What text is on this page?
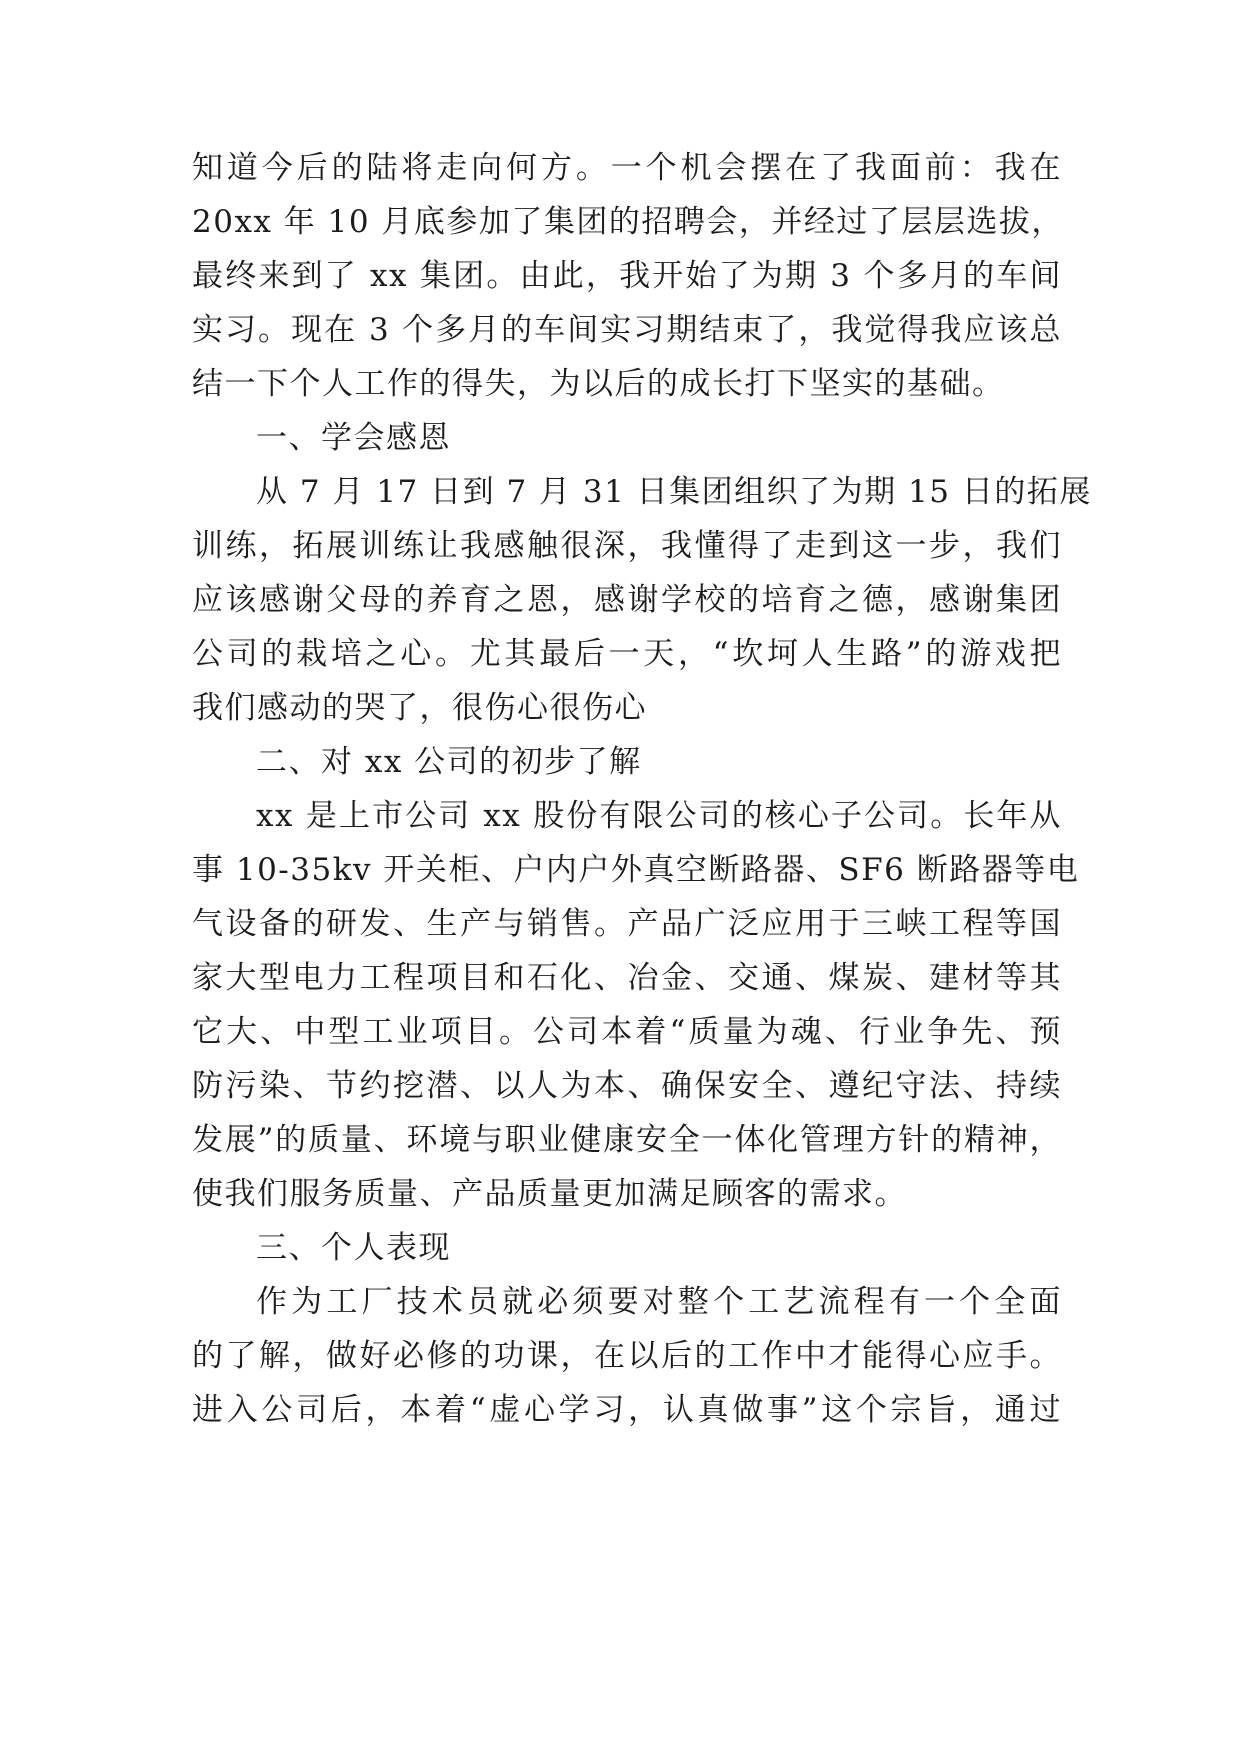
知道今后的陆将走向何方。一个机会摆在了我面前：我在
20xx 年 10 月底参加了集团的招聘会，并经过了层层选拔，
最终来到了 xx 集团。由此，我开始了为期 3 个多月的车间
实习。现在 3 个多月的车间实习期结束了，我觉得我应该总
结一下个人工作的得失，为以后的成长打下坚实的基础。
一、学会感恩
从 7 月 17 日到 7 月 31 日集团组织了为期 15 日的拓展
训练，拓展训练让我感触很深，我懂得了走到这一步，我们
应该感谢父母的养育之恩，感谢学校的培育之德，感谢集团
公司的栽培之心。尤其最后一天，“坎坷人生路”的游戏把
我们感动的哭了，很伤心很伤心
二、对 xx 公司的初步了解
xx 是上市公司 xx 股份有限公司的核心子公司。长年从
事 10-35kv 开关柜、户内户外真空断路器、SF6 断路器等电
气设备的研发、生产与销售。产品广泛应用于三峡工程等国
家大型电力工程项目和石化、冶金、交通、煤炭、建材等其
它大、中型工业项目。公司本着“质量为魂、行业争先、预
防污染、节约挖潜、以人为本、确保安全、遵纪守法、持续
发展”的质量、环境与职业健康安全一体化管理方针的精神，
使我们服务质量、产品质量更加满足顾客的需求。
三、个人表现
作为工厂技术员就必须要对整个工艺流程有一个全面
的了解，做好必修的功课，在以后的工作中才能得心应手。
进入公司后，本着“虚心学习，认真做事”这个宗旨，通过
